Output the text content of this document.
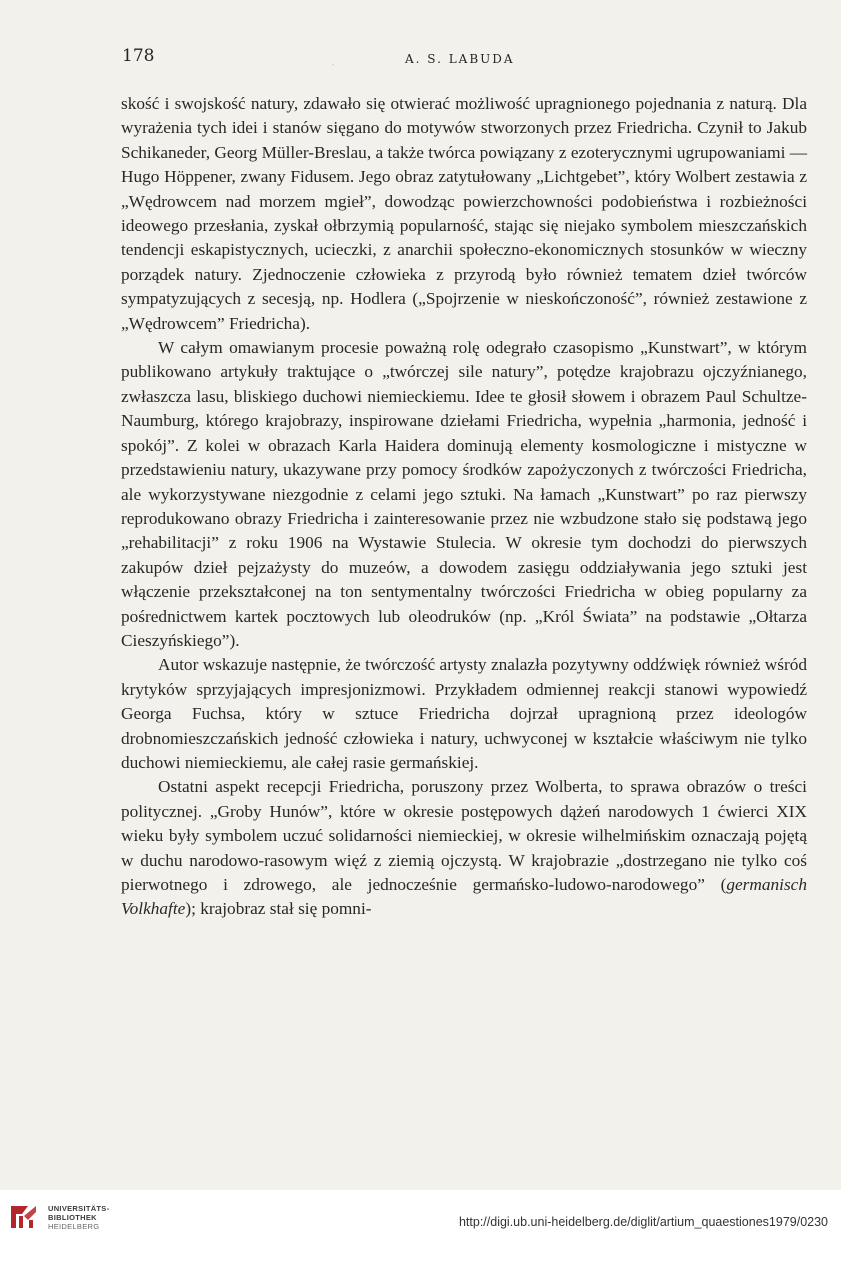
·
178	A. S. LABUDA

skość i swojskość natury, zdawało się otwierać możliwość upragnionego pojednania z naturą. Dla wyrażenia tych idei i stanów sięgano do motywów stworzonych przez Friedricha. Czynił to Jakub Schikaneder, Georg Müller-Breslau, a także twórca powiązany z ezoterycznymi ugrupowaniami — Hugo Höppener, zwany Fidusem. Jego obraz zatytułowany „Lichtgebet”, który Wolbert zestawia z „Wędrowcem nad morzem mgieł”, dowodząc powierzchowności podobieństwa i rozbieżności ideowego przesłania, zyskał ołbrzymią popularność, stając się niejako symbolem mieszczańskich tendencji eskapistycznych, ucieczki, z anarchii społeczno-ekonomicznych stosunków w wieczny porządek natury. Zjednoczenie człowieka z przyrodą było również tematem dzieł twórców sympatyzujących z secesją, np. Hodlera („Spojrzenie w nieskończoność”, również zestawione z „Wędrowcem” Friedricha).

W całym omawianym procesie poważną rolę odegrało czasopismo „Kunstwart”, w którym publikowano artykuły traktujące o „twórczej sile natury”, potędze krajobrazu ojczyźnianego, zwłaszcza lasu, bliskiego duchowi niemieckiemu. Idee te głosił słowem i obrazem Paul Schultze-Naumburg, którego krajobrazy, inspirowane dziełami Friedricha, wypełnia „harmonia, jedność i spokój”. Z kolei w obrazach Karla Haidera dominują elementy kosmologiczne i mistyczne w przedstawieniu natury, ukazywane przy pomocy środków zapożyczonych z twórczości Friedricha, ale wykorzystywane niezgodnie z celami jego sztuki. Na łamach „Kunstwart” po raz pierwszy reprodukowano obrazy Friedricha i zainteresowanie przez nie wzbudzone stało się podstawą jego „rehabilitacji” z roku 1906 na Wystawie Stulecia. W okresie tym dochodzi do pierwszych zakupów dzieł pejzażysty do muzeów, a dowodem zasięgu oddziaływania jego sztuki jest włączenie przekształconej na ton sentymentalny twórczości Friedricha w obieg popularny za pośrednictwem kartek pocztowych lub oleodruków (np. „Król Świata” na podstawie „Ołtarza Cieszyńskiego”).

Autor wskazuje następnie, że twórczość artysty znalazła pozytywny oddźwięk również wśród krytyków sprzyjających impresjonizmowi. Przykładem odmiennej reakcji stanowi wypowiedź Georga Fuchsa, który w sztuce Friedricha dojrzał upragnioną przez ideologów drobnomieszczańskich jedność człowieka i natury, uchwyconej w kształcie właściwym nie tylko duchowi niemieckiemu, ale całej rasie germańskiej.

Ostatni aspekt recepcji Friedricha, poruszony przez Wolberta, to sprawa obrazów o treści politycznej. „Groby Hunów”, które w okresie postępowych dążeń narodowych 1 ćwierci XIX wieku były symbolem uczuć solidarności niemieckiej, w okresie wilhelmińskim oznaczają pojętą w duchu narodowo-rasowym więź z ziemią ojczystą. W krajobrazie „dostrzegano nie tylko coś pierwotnego i zdrowego, ale jednocześnie germańsko-ludowo-narodowego” (germanisch Volkhafte); krajobraz stał się pomni-

UNIVERSITÄTS-
BIBLIOTHEK
HEIDELBERG	http://digi.ub.uni-heidelberg.de/diglit/artium_quaestiones1979/0230
